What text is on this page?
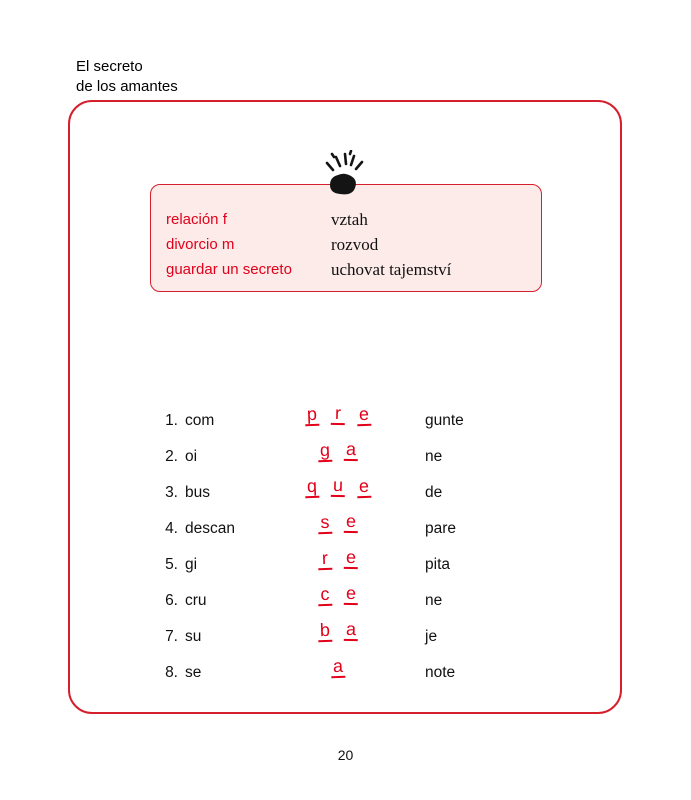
El secreto
de los amantes
relación f	vztah
divorcio m	rozvod
guardar un secreto	uchovat tajemství
1. com	p r e	gunte
2. oi	g a	ne
3. bus	q u e	de
4. descan	s e	pare
5. gi	r e	pita
6. cru	c e	ne
7. su	b a	je
8. se	a	note
20
